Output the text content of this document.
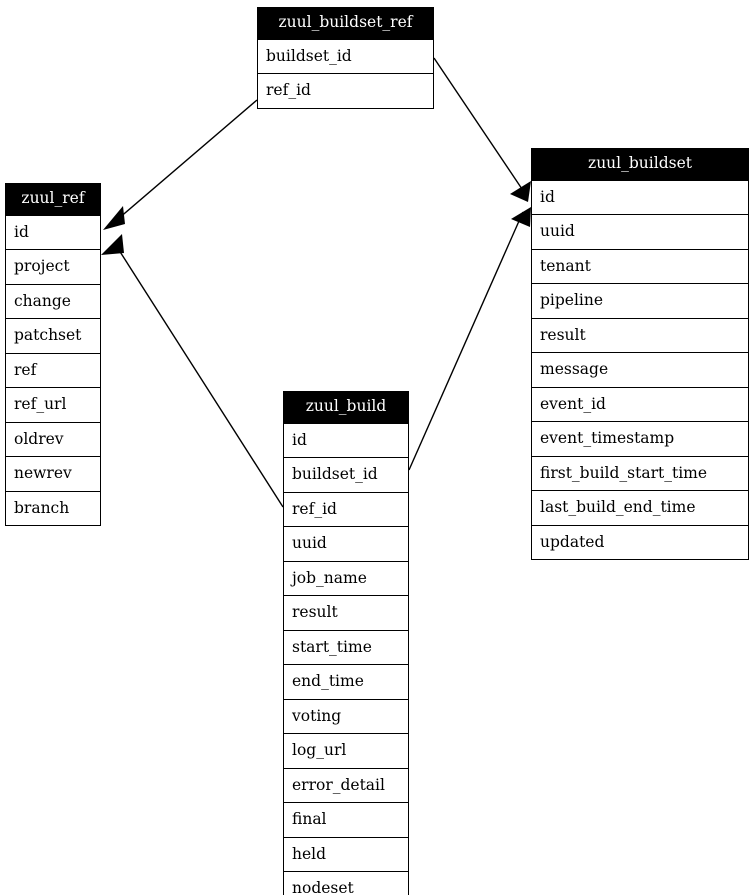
zuul_buildset_ref
buildset_id
ref_id
zuul_ref
id
project
change
patchset
ref
ref_url
oldrev
newrev
branch
zuul_buildset
id
uuid
tenant
pipeline
result
message
event_id
event_timestamp
first_build_start_time
last_build_end_time
updated
zuul_build
id
buildset_id
ref_id
uuid
job_name
result
start_time
end_time
voting
log_url
error_detail
final
held
nodeset
